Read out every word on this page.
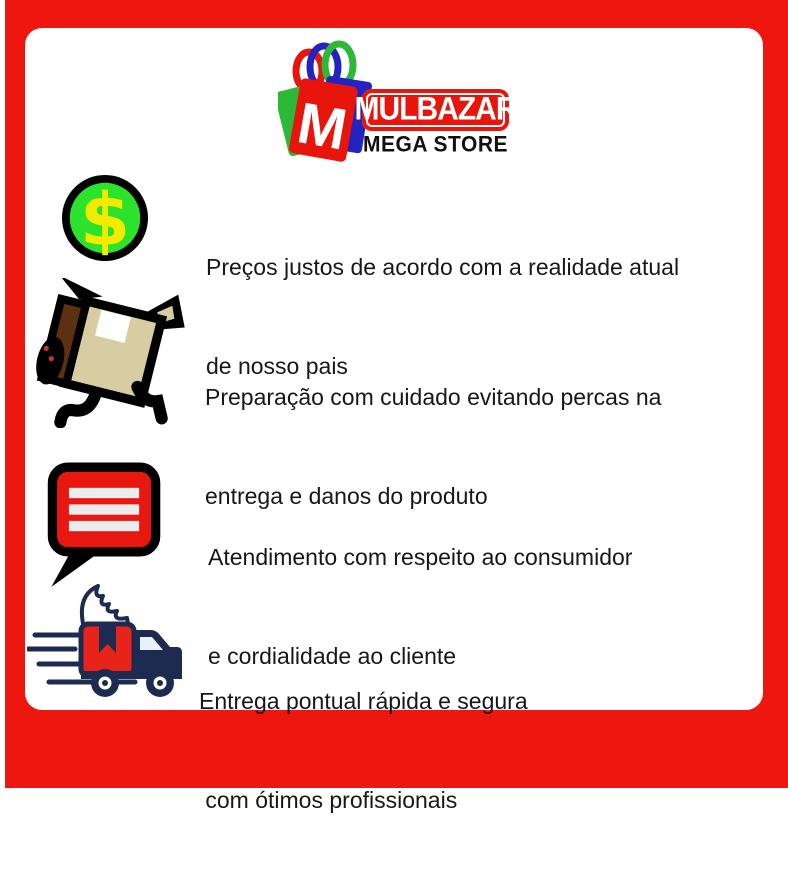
M MULBAZAR
MEGA STORE
$

Preços justos de acordo com a realidade atual

de nosso pais

Preparação com cuidado evitando percas na

entrega e danos do produto

Atendimento com respeito ao consumidor

e cordialidade ao cliente

Entrega pontual rápida e segura

com ótimos profissionais
